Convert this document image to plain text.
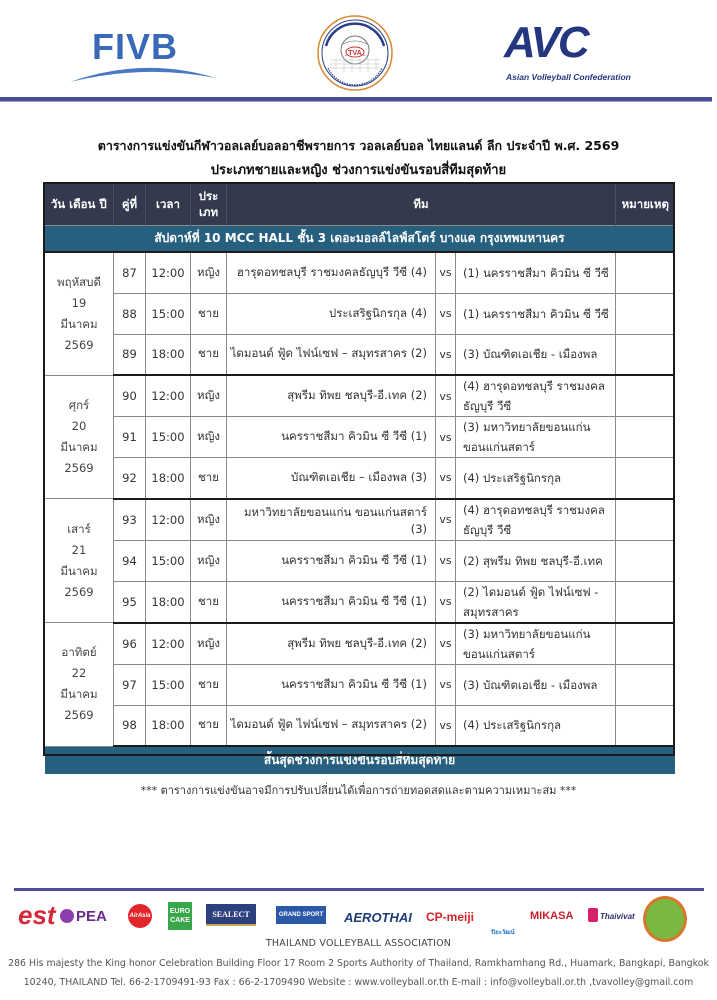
FIVB	TVA	AVC
Asian Volleyball Confederation
ตารางการแข่งขันกีฬาวอลเลย์บอลอาชีพรายการ วอลเลย์บอล ไทยแลนด์ ลีก ประจำปี พ.ศ. 2569
ประเภทชายและหญิง ช่วงการแข่งขันรอบสี่ทีมสุดท้าย
วัน เดือน ปี	คู่ที่	เวลา	ประ
เภท	ทีม			หมายเหตุ
สัปดาห์ที่ 10 MCC HALL ชั้น 3 เดอะมอลล์ไลฟ์สโตร์ บางแค กรุงเทพมหานคร							

พฤหัสบดี
19
มีนาคม
2569	87	12:00	หญิง	ฮารุดอทชลบุรี ราชมงคลธัญบุรี วีซี (4)	vs	(1) นครราชสีมา คิวมิน ซี วีซี	
	88	15:00	ชาย	ประเสริฐนิกรกุล (4)	vs	(1) นครราชสีมา คิวมิน ซี วีซี	
	89	18:00	ชาย	ไดมอนด์ ฟู้ด ไฟน์เซฟ – สมุทรสาคร (2)	vs	(3) บัณฑิตเอเชีย - เมืองพล	

ศุกร์
20
มีนาคม
2569	90	12:00	หญิง	สุพรีม ทิพย ชลบุรี-อี.เทค (2)	vs	(4) ฮารุดอทชลบุรี ราชมงคล ธัญบุรี วีซี	
	91	15:00	หญิง	นครราชสีมา คิวมิน ซี วีซี (1)	vs	(3) มหาวิทยาลัยขอนแก่น ขอนแก่นสตาร์	
	92	18:00	ชาย	บัณฑิตเอเชีย – เมืองพล (3)	vs	(4) ประเสริฐนิกรกุล	

เสาร์
21
มีนาคม
2569	93	12:00	หญิง	มหาวิทยาลัยขอนแก่น ขอนแก่นสตาร์ (3)	vs	(4) ฮารุดอทชลบุรี ราชมงคล ธัญบุรี วีซี	
	94	15:00	หญิง	นครราชสีมา คิวมิน ซี วีซี (1)	vs	(2) สุพรีม ทิพย ชลบุรี-อี.เทค	
	95	18:00	ชาย	นครราชสีมา คิวมิน ซี วีซี (1)	vs	(2) ไดมอนด์ ฟู้ด ไฟน์เซฟ - สมุทรสาคร	

อาทิตย์
22
มีนาคม
2569	96	12:00	หญิง	สุพรีม ทิพย ชลบุรี-อี.เทค (2)	vs	(3) มหาวิทยาลัยขอนแก่น ขอนแก่นสตาร์	
	97	15:00	ชาย	นครราชสีมา คิวมิน ซี วีซี (1)	vs	(3) บัณฑิตเอเชีย - เมืองพล	
	98	18:00	ชาย	ไดมอนด์ ฟู้ด ไฟน์เซฟ – สมุทรสาคร (2)	vs	(4) ประเสริฐนิกรกุล	
สิ้นสุดช่วงการแข่งขันรอบสี่ทีมสุดท้าย							
*** ตารางการแข่งขันอาจมีการปรับเปลี่ยนได้เพื่อการถ่ายทอดสดและตามความเหมาะสม ***
est	PEA	AirAsia
EURO CAKE
SEALECT	GRAND SPORT AEROTHAI CP-meiji
ปิยะวัฒน์
MIKASA	Thaivivat
THAILAND VOLLEYBALL ASSOCIATION
286 His majesty the King honor Celebration Building Floor 17 Room 2 Sports Authority of Thailand, Ramkhamhang Rd., Huamark, Bangkapi, Bangkok
10240, THAILAND Tel. 66-2-1709491-93 Fax : 66-2-1709490 Website : www.volleyball.or.th E-mail : info@volleyball.or.th ,tvavolley@gmail.com
